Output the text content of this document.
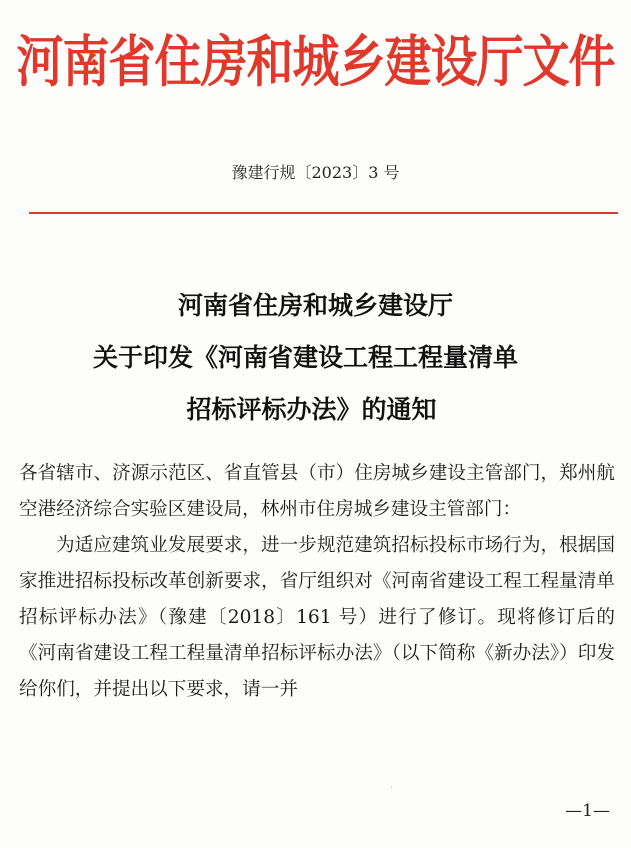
河南省住房和城乡建设厅文件
豫建行规〔2023〕3 号
河南省住房和城乡建设厅
关于印发《河南省建设工程工程量清单
招标评标办法》的通知

各省辖市、济源示范区、省直管县（市）住房城乡建设主管部门，郑州航空港经济综合实验区建设局，林州市住房城乡建设主管部门：

为适应建筑业发展要求，进一步规范建筑招标投标市场行为，根据国家推进招标投标改革创新要求，省厅组织对《河南省建设工程工程量清单招标评标办法》（豫建〔2018〕161 号）进行了修订。现将修订后的《河南省建设工程工程量清单招标评标办法》（以下简称《新办法》）印发给你们，并提出以下要求，请一并

—1—
